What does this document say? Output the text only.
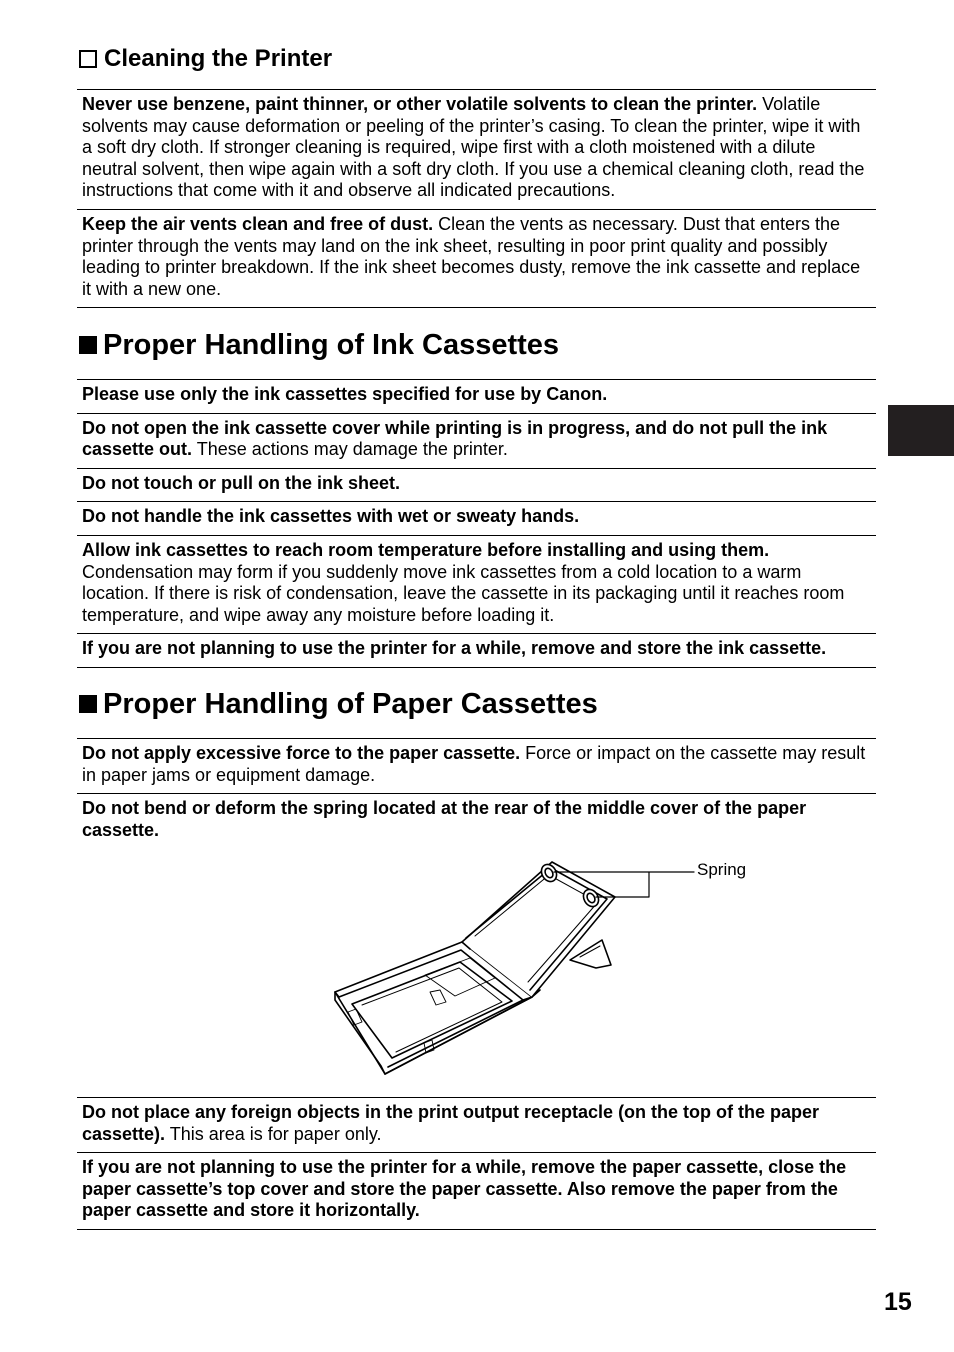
Cleaning the Printer
Never use benzene, paint thinner, or other volatile solvents to clean the printer. Volatile solvents may cause deformation or peeling of the printer’s casing. To clean the printer, wipe it with a soft dry cloth. If stronger cleaning is required, wipe first with a cloth moistened with a dilute neutral solvent, then wipe again with a soft dry cloth. If you use a chemical cleaning cloth, read the instructions that come with it and observe all indicated precautions.
Keep the air vents clean and free of dust. Clean the vents as necessary. Dust that enters the printer through the vents may land on the ink sheet, resulting in poor print quality and possibly leading to printer breakdown. If the ink sheet becomes dusty, remove the ink cassette and replace it with a new one.
Proper Handling of Ink Cassettes
Please use only the ink cassettes specified for use by Canon.
Do not open the ink cassette cover while printing is in progress, and do not pull the ink cassette out. These actions may damage the printer.
Do not touch or pull on the ink sheet.
Do not handle the ink cassettes with wet or sweaty hands.
Allow ink cassettes to reach room temperature before installing and using them. Condensation may form if you suddenly move ink cassettes from a cold location to a warm location. If there is risk of condensation, leave the cassette in its packaging until it reaches room temperature, and wipe away any moisture before loading it.
If you are not planning to use the printer for a while, remove and store the ink cassette.
Proper Handling of Paper Cassettes
Do not apply excessive force to the paper cassette. Force or impact on the cassette may result in paper jams or equipment damage.
Do not bend or deform the spring located at the rear of the middle cover of the paper cassette.
Spring
Do not place any foreign objects in the print output receptacle (on the top of the paper cassette). This area is for paper only.
If you are not planning to use the printer for a while, remove the paper cassette, close the paper cassette’s top cover and store the paper cassette. Also remove the paper from the paper cassette and store it horizontally.
15
